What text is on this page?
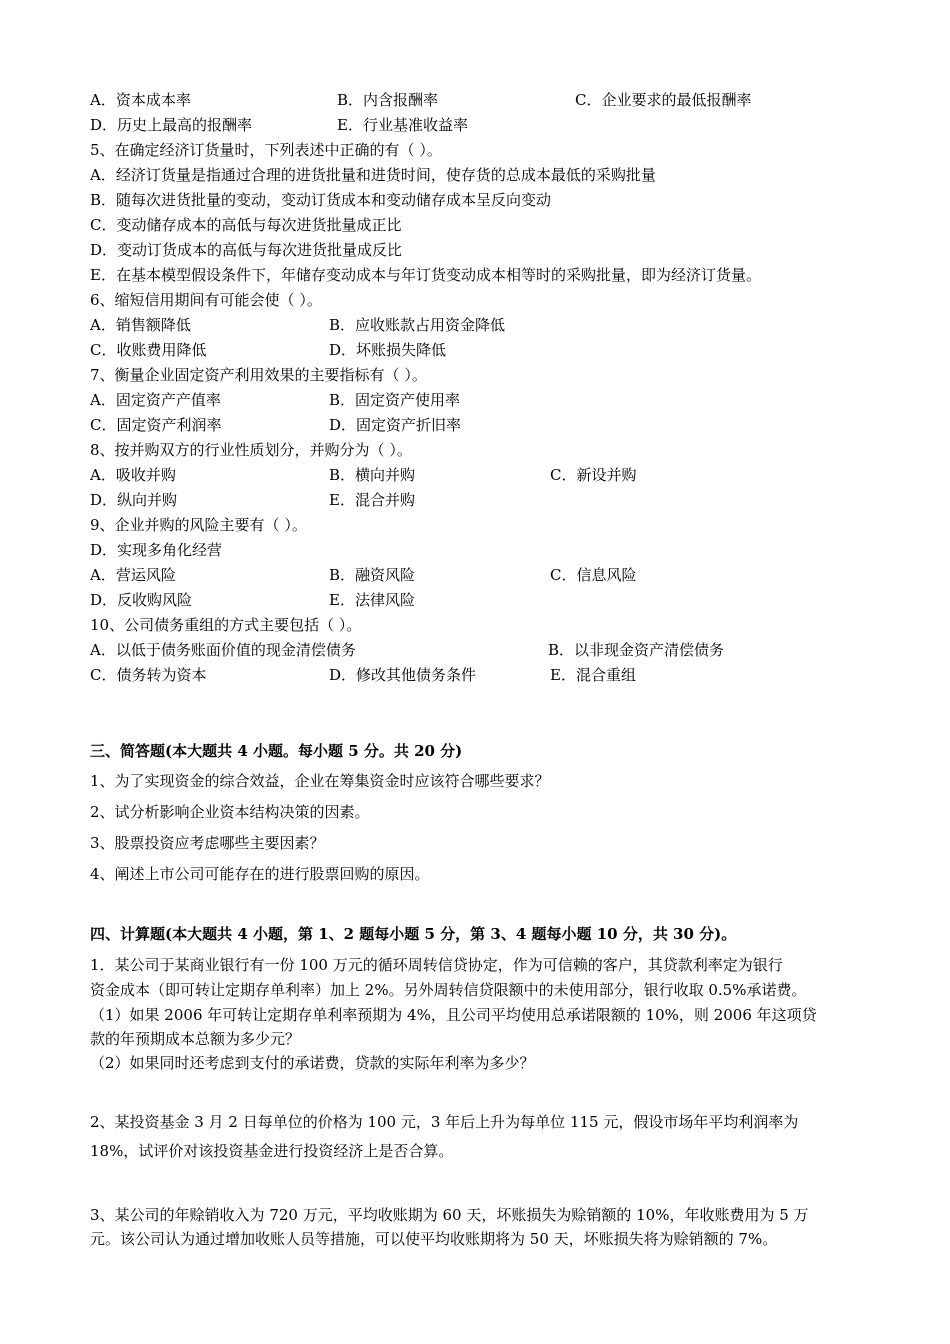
A．资本成本率	B．内含报酬率	C．企业要求的最低报酬率
D．历史上最高的报酬率	E．行业基准收益率
5、在确定经济订货量时，下列表述中正确的有（ ）。
A．经济订货量是指通过合理的进货批量和进货时间，使存货的总成本最低的采购批量
B．随每次进货批量的变动，变动订货成本和变动储存成本呈反向变动
C．变动储存成本的高低与每次进货批量成正比
D．变动订货成本的高低与每次进货批量成反比
E．在基本模型假设条件下，年储存变动成本与年订货变动成本相等时的采购批量，即为经济订货量。
6、缩短信用期间有可能会使（ ）。
A．销售额降低	B．应收账款占用资金降低
C．收账费用降低	D．坏账损失降低
7、衡量企业固定资产利用效果的主要指标有（ ）。
A．固定资产产值率	B．固定资产使用率
C．固定资产利润率	D．固定资产折旧率
8、按并购双方的行业性质划分，并购分为（ ）。
A．吸收并购	B．横向并购	C．新设并购
D．纵向并购	E．混合并购
9、企业并购的风险主要有（ ）。
D．实现多角化经营
A．营运风险	B．融资风险	C．信息风险
D．反收购风险	E．法律风险
10、公司债务重组的方式主要包括（ ）。
A．以低于债务账面价值的现金清偿债务	B．以非现金资产清偿债务
C．债务转为资本	D．修改其他债务条件	E．混合重组
三、简答题(本大题共 4 小题。每小题 5 分。共 20 分)
1、为了实现资金的综合效益，企业在筹集资金时应该符合哪些要求？
2、试分析影响企业资本结构决策的因素。
3、股票投资应考虑哪些主要因素？
4、阐述上市公司可能存在的进行股票回购的原因。
四、计算题(本大题共 4 小题，第 1、2 题每小题 5 分，第 3、4 题每小题 10 分，共 30 分)。
1．某公司于某商业银行有一份 100 万元的循环周转信贷协定，作为可信赖的客户，其贷款利率定为银行
资金成本（即可转让定期存单利率）加上 2%。另外周转信贷限额中的未使用部分，银行收取 0.5%承诺费。
（1）如果 2006 年可转让定期存单利率预期为 4%，且公司平均使用总承诺限额的 10%，则 2006 年这项贷
款的年预期成本总额为多少元？
（2）如果同时还考虑到支付的承诺费，贷款的实际年利率为多少？
2、某投资基金 3 月 2 日每单位的价格为 100 元，3 年后上升为每单位 115 元，假设市场年平均利润率为
18%，试评价对该投资基金进行投资经济上是否合算。
3、某公司的年赊销收入为 720 万元，平均收账期为 60 天，坏账损失为赊销额的 10%，年收账费用为 5 万
元。该公司认为通过增加收账人员等措施，可以使平均收账期将为 50 天，坏账损失将为赊销额的 7%。
